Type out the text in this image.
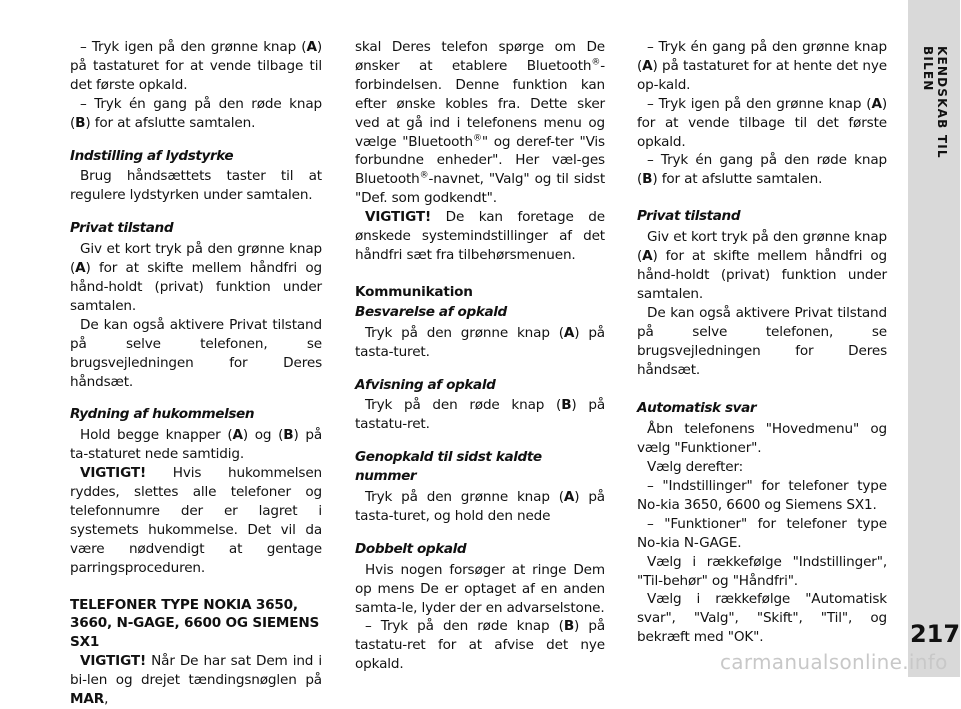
KENDSKAB TIL BILEN
217

– Tryk igen på den grønne knap (A) på tastaturet for at vende tilbage til det første opkald.

– Tryk én gang på den røde knap (B) for at afslutte samtalen.

Indstilling af lydstyrke

Brug håndsættets taster til at regulere lydstyrken under samtalen.

Privat tilstand

Giv et kort tryk på den grønne knap (A) for at skifte mellem håndfri og hånd-holdt (privat) funktion under samtalen.

De kan også aktivere Privat tilstand på selve telefonen, se brugsvejledningen for Deres håndsæt.

Rydning af hukommelsen

Hold begge knapper (A) og (B) på ta-staturet nede samtidig.

VIGTIGT! Hvis hukommelsen ryddes, slettes alle telefoner og telefonnumre der er lagret i systemets hukommelse. Det vil da være nødvendigt at gentage parringsproceduren.

TELEFONER TYPE NOKIA 3650, 3660, N-GAGE, 6600 OG SIEMENS SX1

VIGTIGT! Når De har sat Dem ind i bi-len og drejet tændingsnøglen på MAR,

skal Deres telefon spørge om De ønsker at etablere Bluetooth®-forbindelsen. Denne funktion kan efter ønske kobles fra. Dette sker ved at gå ind i telefonens menu og vælge "Bluetooth®" og deref-ter "Vis forbundne enheder". Her væl-ges Bluetooth®-navnet, "Valg" og til sidst "Def. som godkendt".

VIGTIGT! De kan foretage de ønskede systemindstillinger af det håndfri sæt fra tilbehørsmenuen.

Kommunikation
Besvarelse af opkald

Tryk på den grønne knap (A) på tasta-turet.

Afvisning af opkald

Tryk på den røde knap (B) på tastatu-ret.

Genopkald til sidst kaldte nummer

Tryk på den grønne knap (A) på tasta-turet, og hold den nede

Dobbelt opkald

Hvis nogen forsøger at ringe Dem op mens De er optaget af en anden samta-le, lyder der en advarselstone.

– Tryk på den røde knap (B) på tastatu-ret for at afvise det nye opkald.

– Tryk én gang på den grønne knap (A) på tastaturet for at hente det nye op-kald.

– Tryk igen på den grønne knap (A) for at vende tilbage til det første opkald.

– Tryk én gang på den røde knap (B) for at afslutte samtalen.

Privat tilstand

Giv et kort tryk på den grønne knap (A) for at skifte mellem håndfri og hånd-holdt (privat) funktion under samtalen.

De kan også aktivere Privat tilstand på selve telefonen, se brugsvejledningen for Deres håndsæt.

Automatisk svar

Åbn telefonens "Hovedmenu" og vælg "Funktioner".

Vælg derefter:

– "Indstillinger" for telefoner type No-kia 3650, 6600 og Siemens SX1.

– "Funktioner" for telefoner type No-kia N-GAGE.

Vælg i rækkefølge "Indstillinger", "Til-behør" og "Håndfri".

Vælg i rækkefølge "Automatisk svar", "Valg", "Skift", "Til", og bekræft med "OK".

carmanualsonline.info
